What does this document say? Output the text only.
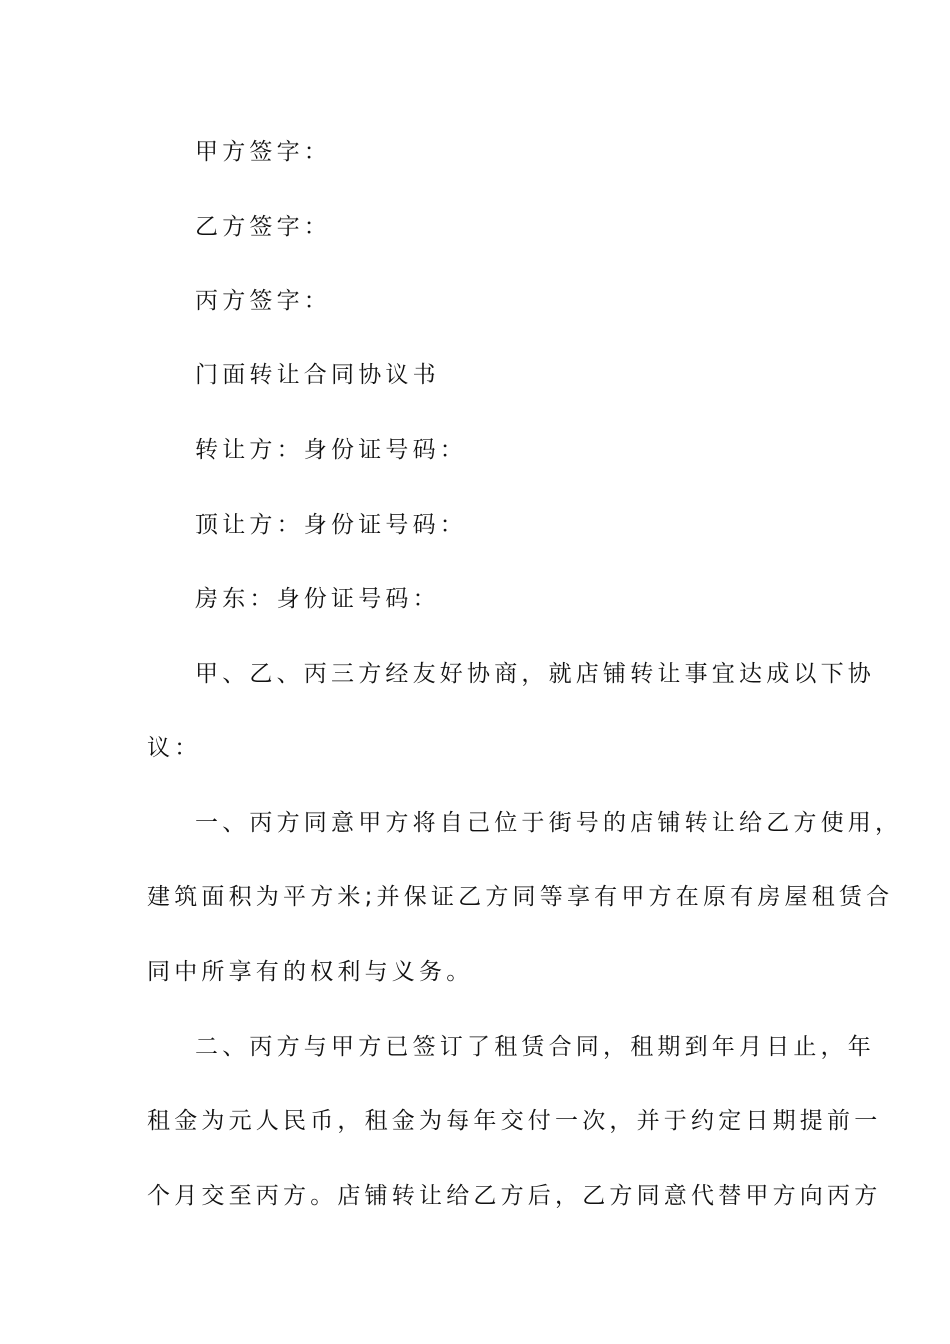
甲方签字：
乙方签字：
丙方签字：
门面转让合同协议书
转让方：身份证号码：
顶让方：身份证号码：
房东：身份证号码：
甲、乙、丙三方经友好协商，就店铺转让事宜达成以下协
议：
一、丙方同意甲方将自己位于街号的店铺转让给乙方使用，
建筑面积为平方米;并保证乙方同等享有甲方在原有房屋租赁合
同中所享有的权利与义务。
二、丙方与甲方已签订了租赁合同，租期到年月日止，年
租金为元人民币，租金为每年交付一次，并于约定日期提前一
个月交至丙方。店铺转让给乙方后，乙方同意代替甲方向丙方
